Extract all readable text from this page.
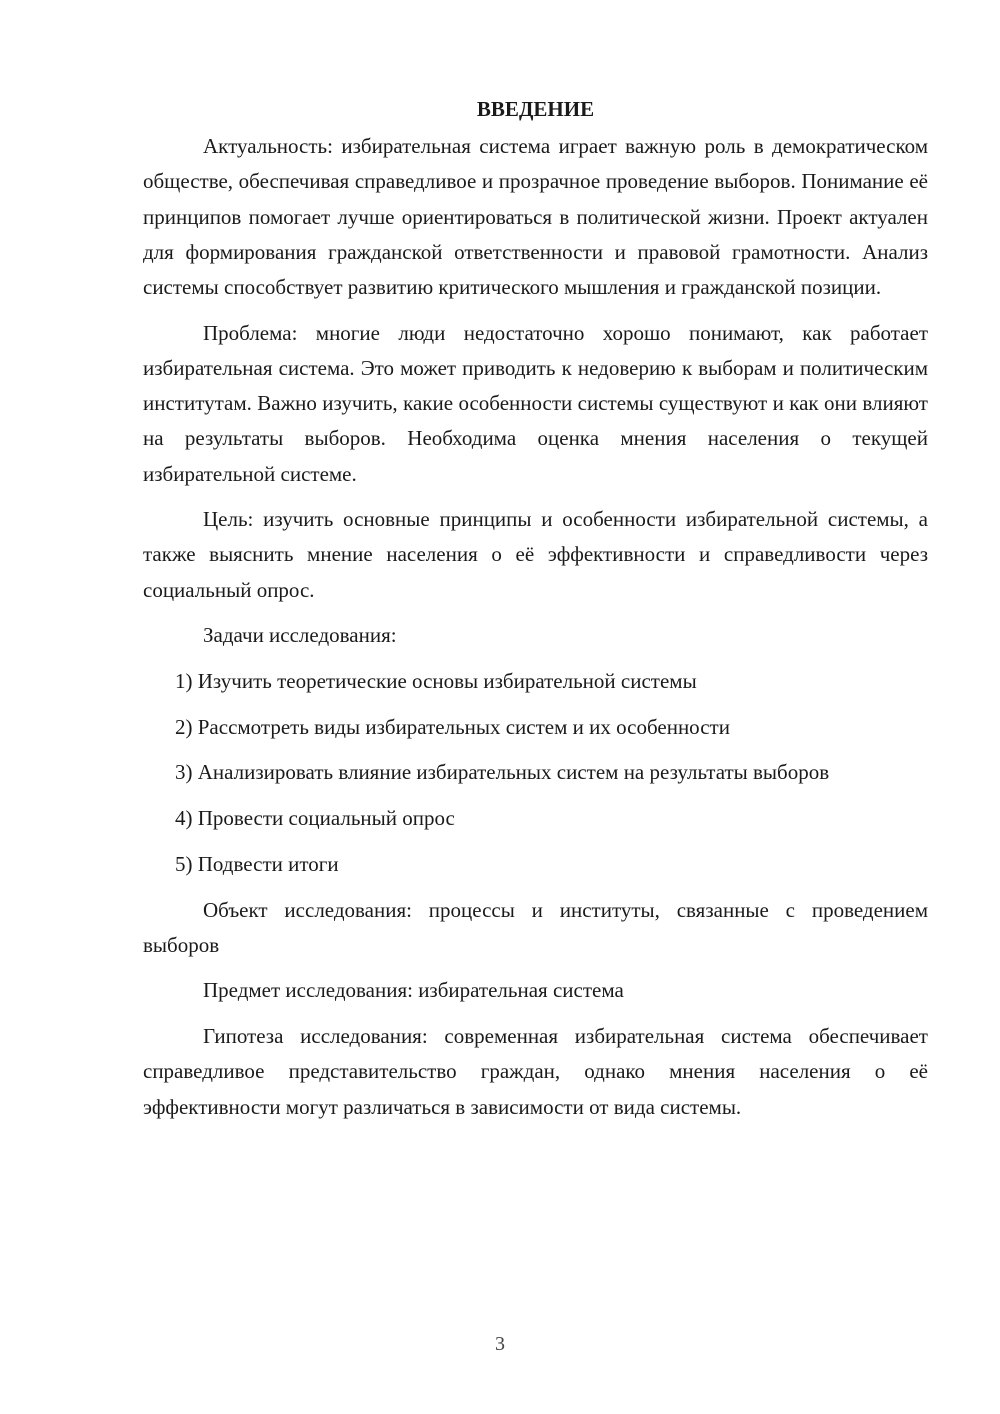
ВВЕДЕНИЕ

Актуальность: избирательная система играет важную роль в демократическом обществе, обеспечивая справедливое и прозрачное проведение выборов. Понимание её принципов помогает лучше ориентироваться в политической жизни. Проект актуален для формирования гражданской ответственности и правовой грамотности. Анализ системы способствует развитию критического мышления и гражданской позиции.

Проблема: многие люди недостаточно хорошо понимают, как работает избирательная система. Это может приводить к недоверию к выборам и политическим институтам. Важно изучить, какие особенности системы существуют и как они влияют на результаты выборов. Необходима оценка мнения населения о текущей избирательной системе.

Цель: изучить основные принципы и особенности избирательной системы, а также выяснить мнение населения о её эффективности и справедливости через социальный опрос.

Задачи исследования:

1) Изучить теоретические основы избирательной системы

2) Рассмотреть виды избирательных систем и их особенности

3) Анализировать влияние избирательных систем на результаты выборов

4) Провести социальный опрос

5) Подвести итоги

Объект исследования: процессы и институты, связанные с проведением выборов

Предмет исследования: избирательная система

Гипотеза исследования: современная избирательная система обеспечивает справедливое представительство граждан, однако мнения населения о её эффективности могут различаться в зависимости от вида системы.

3
